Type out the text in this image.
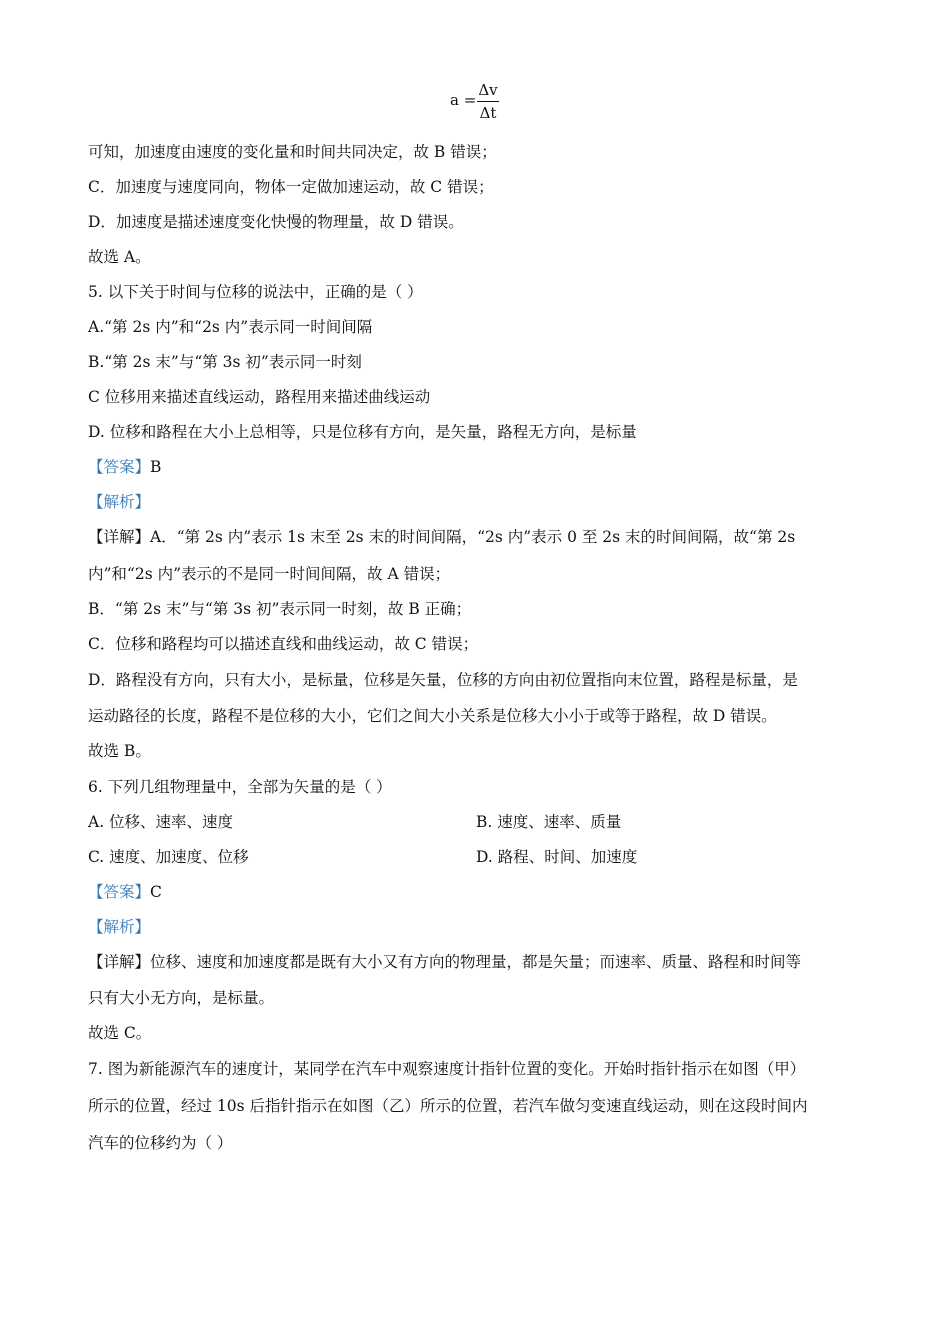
a =
Δv
Δt
可知，加速度由速度的变化量和时间共同决定，故 B 错误；
C．加速度与速度同向，物体一定做加速运动，故 C 错误；
D．加速度是描述速度变化快慢的物理量，故 D 错误。
故选 A。
5. 以下关于时间与位移的说法中，正确的是（ ）
A.“第 2s 内”和“2s 内”表示同一时间间隔
B.“第 2s 末”与“第 3s 初”表示同一时刻
C 位移用来描述直线运动，路程用来描述曲线运动
D. 位移和路程在大小上总相等，只是位移有方向，是矢量，路程无方向，是标量
【答案】B
【解析】
【详解】A．“第 2s 内”表示 1s 末至 2s 末的时间间隔，“2s 内”表示 0 至 2s 末的时间间隔，故“第 2s
内”和“2s 内”表示的不是同一时间间隔，故 A 错误；
B．“第 2s 末”与“第 3s 初”表示同一时刻，故 B 正确；
C．位移和路程均可以描述直线和曲线运动，故 C 错误；
D．路程没有方向，只有大小，是标量，位移是矢量，位移的方向由初位置指向末位置，路程是标量，是
运动路径的长度，路程不是位移的大小，它们之间大小关系是位移大小小于或等于路程，故 D 错误。
故选 B。
6. 下列几组物理量中，全部为矢量的是（ ）
A. 位移、速率、速度	B. 速度、速率、质量
C. 速度、加速度、位移	D. 路程、时间、加速度
【答案】C
【解析】
【详解】位移、速度和加速度都是既有大小又有方向的物理量，都是矢量；而速率、质量、路程和时间等
只有大小无方向，是标量。
故选 C。
7. 图为新能源汽车的速度计，某同学在汽车中观察速度计指针位置的变化。开始时指针指示在如图（甲）
所示的位置，经过 10s 后指针指示在如图（乙）所示的位置，若汽车做匀变速直线运动，则在这段时间内
汽车的位移约为（ ）
